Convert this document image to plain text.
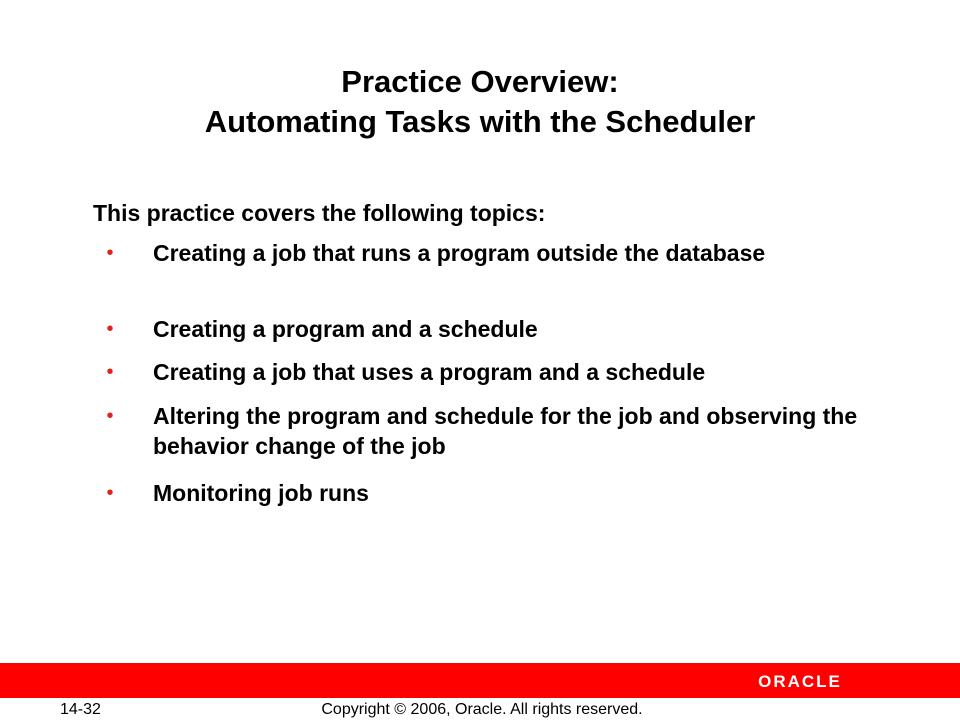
Practice Overview:
Automating Tasks with the Scheduler
This practice covers the following topics:
• Creating a job that runs a program outside the database
• Creating a program and a schedule
• Creating a job that uses a program and a schedule
• Altering the program and schedule for the job and observing the behavior change of the job
• Monitoring job runs
ORACLE
14-32	Copyright © 2006, Oracle. All rights reserved.
